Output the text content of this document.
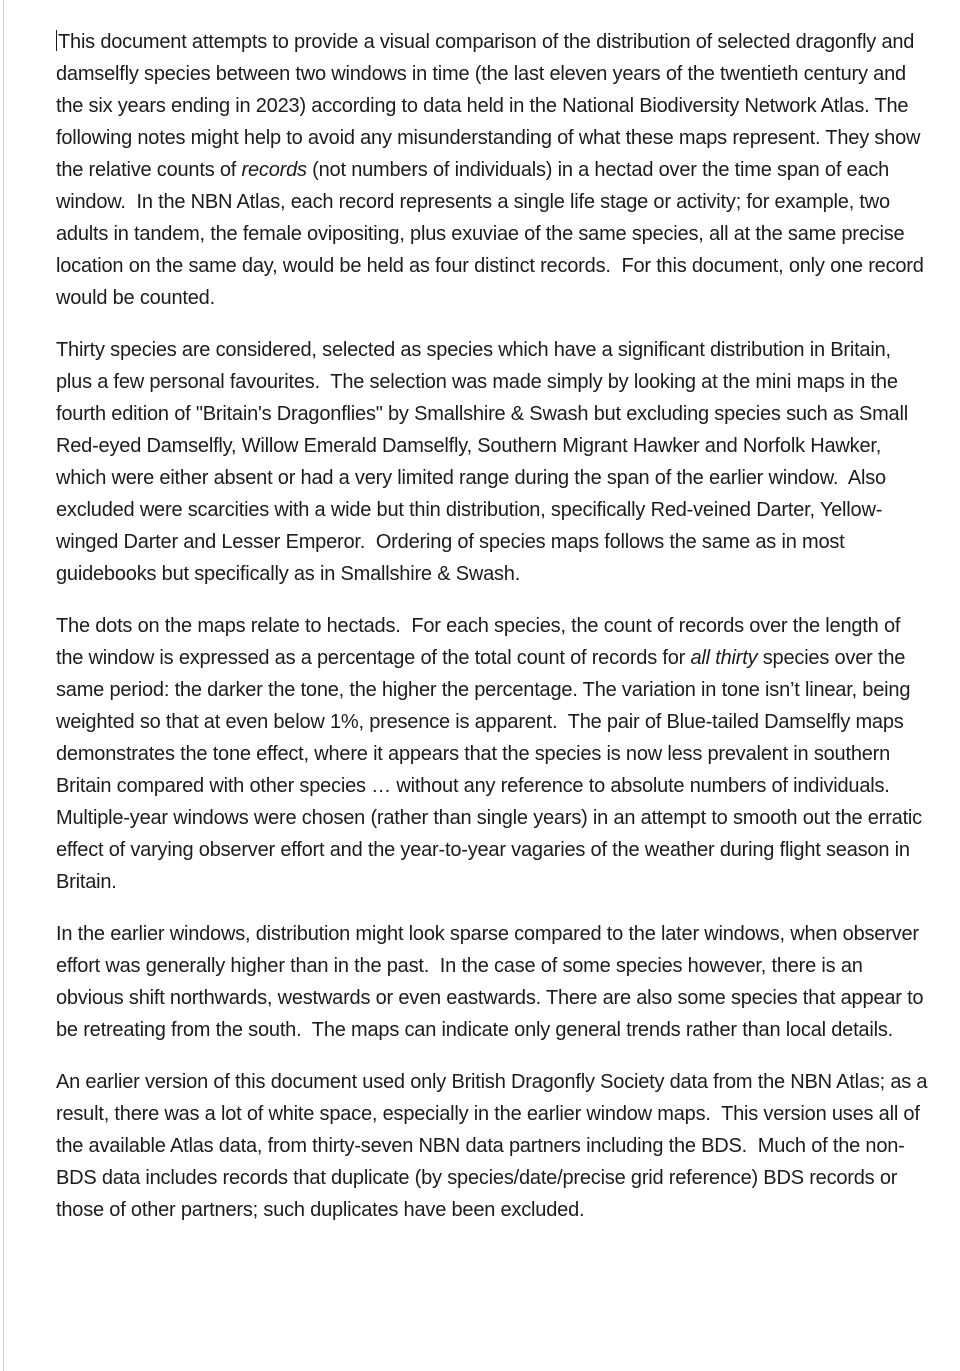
This document attempts to provide a visual comparison of the distribution of selected dragonfly and damselfly species between two windows in time (the last eleven years of the twentieth century and the six years ending in 2023) according to data held in the National Biodiversity Network Atlas. The following notes might help to avoid any misunderstanding of what these maps represent. They show the relative counts of records (not numbers of individuals) in a hectad over the time span of each window.  In the NBN Atlas, each record represents a single life stage or activity; for example, two adults in tandem, the female ovipositing, plus exuviae of the same species, all at the same precise location on the same day, would be held as four distinct records.  For this document, only one record would be counted.

Thirty species are considered, selected as species which have a significant distribution in Britain, plus a few personal favourites.  The selection was made simply by looking at the mini maps in the fourth edition of "Britain's Dragonflies" by Smallshire & Swash but excluding species such as Small Red-eyed Damselfly, Willow Emerald Damselfly, Southern Migrant Hawker and Norfolk Hawker, which were either absent or had a very limited range during the span of the earlier window.  Also excluded were scarcities with a wide but thin distribution, specifically Red-veined Darter, Yellow-winged Darter and Lesser Emperor.  Ordering of species maps follows the same as in most guidebooks but specifically as in Smallshire & Swash.

The dots on the maps relate to hectads.  For each species, the count of records over the length of the window is expressed as a percentage of the total count of records for all thirty species over the same period: the darker the tone, the higher the percentage. The variation in tone isn’t linear, being weighted so that at even below 1%, presence is apparent.  The pair of Blue-tailed Damselfly maps demonstrates the tone effect, where it appears that the species is now less prevalent in southern Britain compared with other species … without any reference to absolute numbers of individuals.  Multiple-year windows were chosen (rather than single years) in an attempt to smooth out the erratic effect of varying observer effort and the year-to-year vagaries of the weather during flight season in Britain.

In the earlier windows, distribution might look sparse compared to the later windows, when observer effort was generally higher than in the past.  In the case of some species however, there is an obvious shift northwards, westwards or even eastwards. There are also some species that appear to be retreating from the south.  The maps can indicate only general trends rather than local details.

An earlier version of this document used only British Dragonfly Society data from the NBN Atlas; as a result, there was a lot of white space, especially in the earlier window maps.  This version uses all of the available Atlas data, from thirty-seven NBN data partners including the BDS.  Much of the non-BDS data includes records that duplicate (by species/date/precise grid reference) BDS records or those of other partners; such duplicates have been excluded.
